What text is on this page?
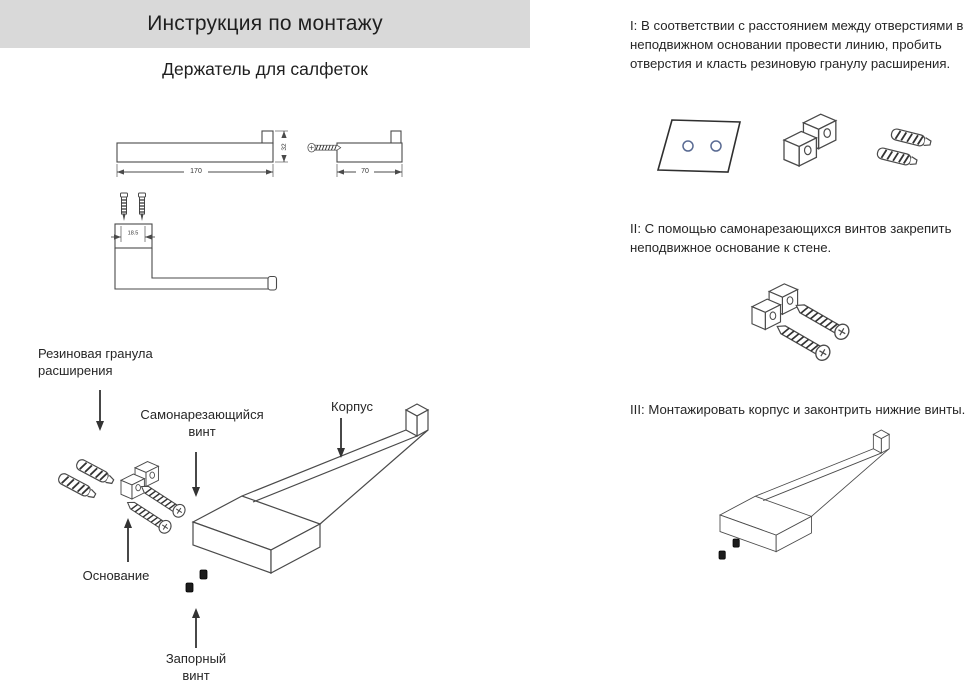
Инструкция по монтажу
Держатель для салфеток
170
32
70
18.5
Резиновая гранула расширения
Самонарезающийся винт
Корпус
Основание
Запорный винт
I: В соответствии с расстоянием между отверстиями в неподвижном основании провести линию, пробить отверстия и класть резиновую гранулу расширения.
II: С помощью самонарезающихся винтов закрепить неподвижное основание к стене.
III: Монтажировать корпус и законтрить нижние винты.
